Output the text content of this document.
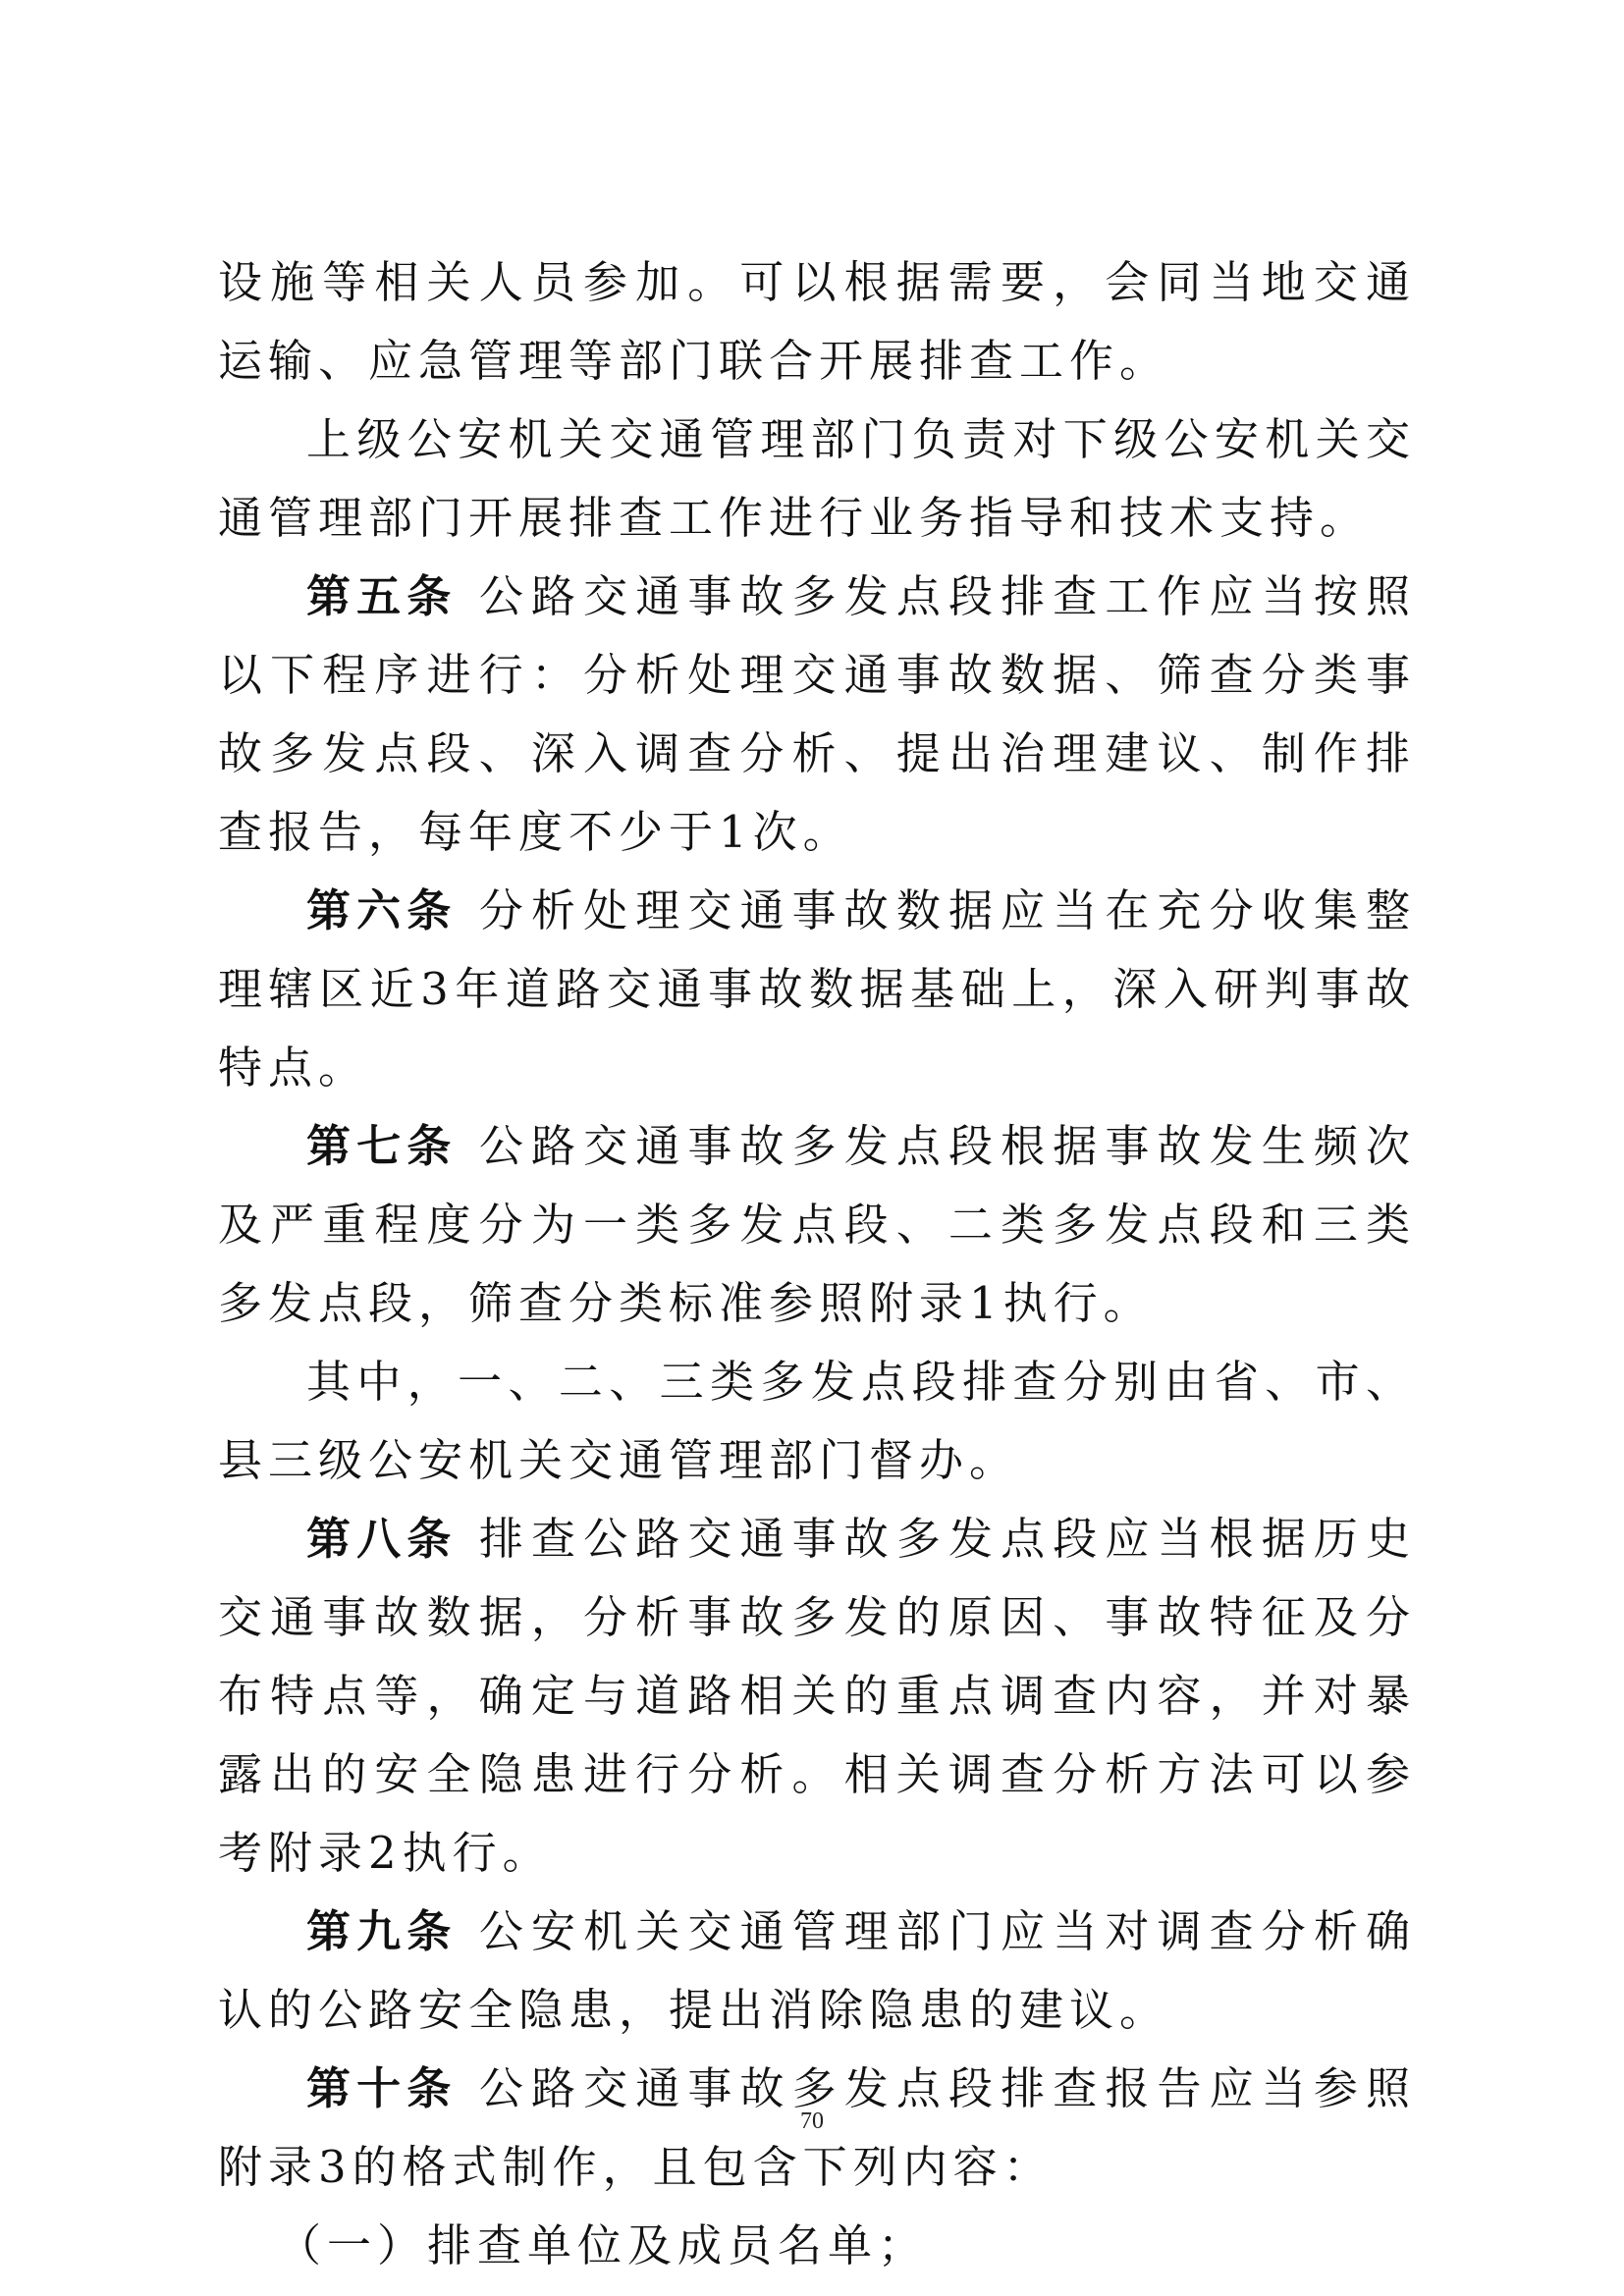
设施等相关人员参加。可以根据需要，会同当地交通运输、应急管理等部门联合开展排查工作。

上级公安机关交通管理部门负责对下级公安机关交通管理部门开展排查工作进行业务指导和技术支持。

第五条 公路交通事故多发点段排查工作应当按照以下程序进行：分析处理交通事故数据、筛查分类事故多发点段、深入调查分析、提出治理建议、制作排查报告，每年度不少于1次。

第六条 分析处理交通事故数据应当在充分收集整理辖区近3年道路交通事故数据基础上，深入研判事故特点。

第七条 公路交通事故多发点段根据事故发生频次及严重程度分为一类多发点段、二类多发点段和三类多发点段，筛查分类标准参照附录1执行。

其中，一、二、三类多发点段排查分别由省、市、县三级公安机关交通管理部门督办。

第八条 排查公路交通事故多发点段应当根据历史交通事故数据，分析事故多发的原因、事故特征及分布特点等，确定与道路相关的重点调查内容，并对暴露出的安全隐患进行分析。相关调查分析方法可以参考附录2执行。

第九条 公安机关交通管理部门应当对调查分析确认的公路安全隐患，提出消除隐患的建议。

第十条 公路交通事故多发点段排查报告应当参照附录3的格式制作，且包含下列内容：

（一）排查单位及成员名单；

70
